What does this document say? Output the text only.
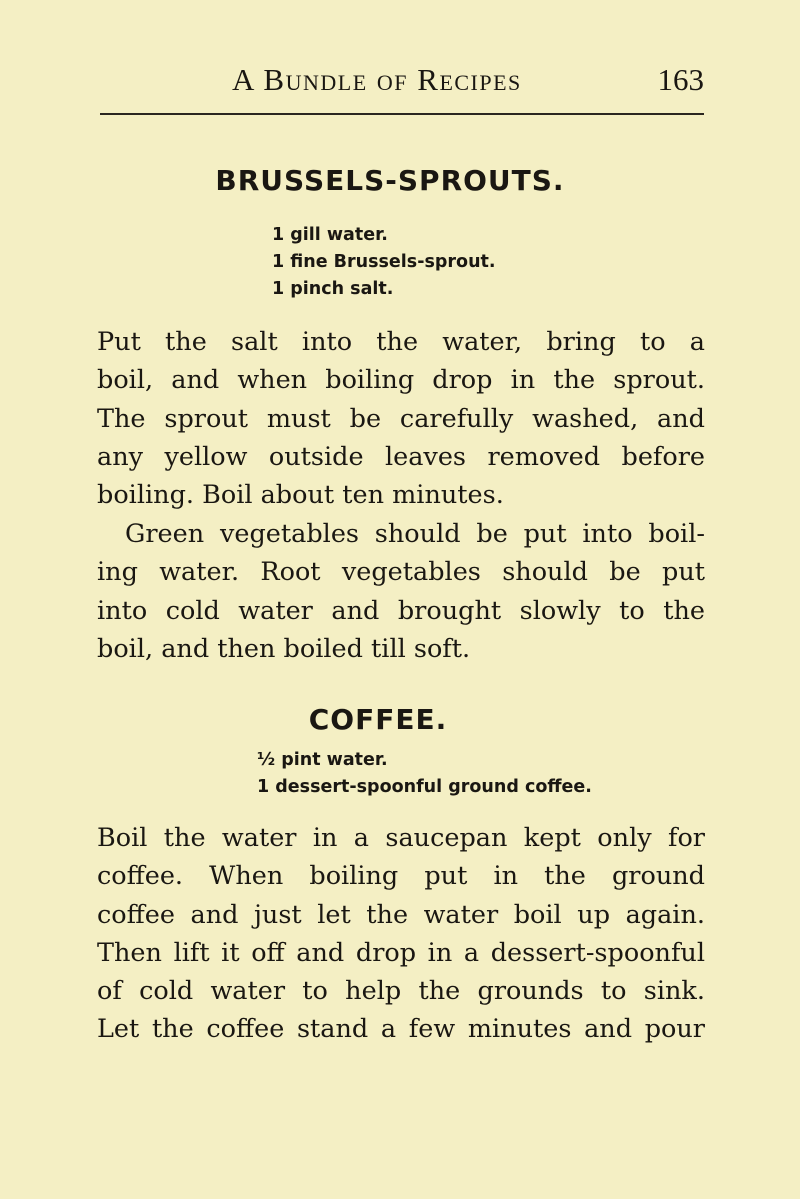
A Bundle of Recipes	163
BRUSSELS-SPROUTS.
1 gill water.
1 fine Brussels-sprout.
1 pinch salt.

Put the salt into the water, bring to a
boil, and when boiling drop in the sprout.
The sprout must be carefully washed, and
any yellow outside leaves removed before
boiling. Boil about ten minutes.

Green vegetables should be put into boil-
ing water. Root vegetables should be put
into cold water and brought slowly to the
boil, and then boiled till soft.

COFFEE.
½ pint water.
1 dessert-spoonful ground coffee.

Boil the water in a saucepan kept only for
coffee. When boiling put in the ground
coffee and just let the water boil up again.
Then lift it off and drop in a dessert-spoonful
of cold water to help the grounds to sink.
Let the coffee stand a few minutes and pour
